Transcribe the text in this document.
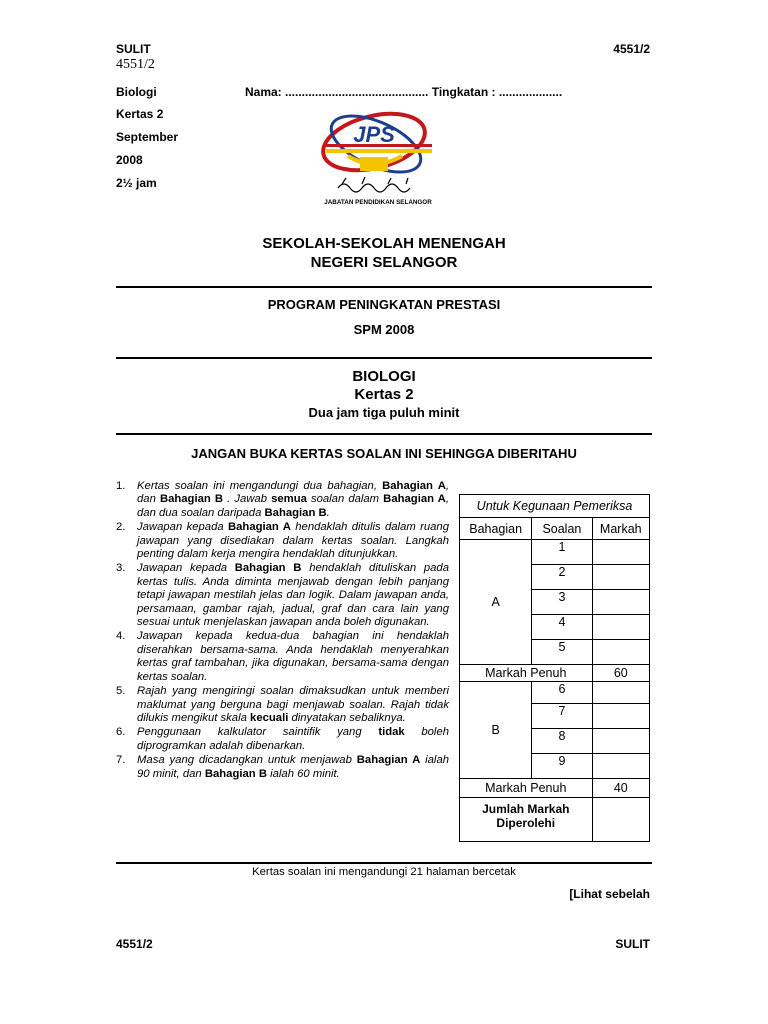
SULIT
4551/2
4551/2
Biologi
Kertas 2
September
2008
2½ jam
Nama: ........................................... Tingkatan : ...................
JPS
JABATAN PENDIDIKAN SELANGOR
SEKOLAH-SEKOLAH MENENGAH
NEGERI SELANGOR
PROGRAM PENINGKATAN PRESTASI
SPM 2008
BIOLOGI
Kertas 2
Dua jam tiga puluh minit
JANGAN BUKA KERTAS SOALAN INI SEHINGGA DIBERITAHU
1. Kertas soalan ini mengandungi dua bahagian, Bahagian A, dan Bahagian B . Jawab semua soalan dalam Bahagian A, dan dua soalan daripada Bahagian B.
2. Jawapan kepada Bahagian A hendaklah ditulis dalam ruang jawapan yang disediakan dalam kertas soalan. Langkah penting dalam kerja mengira hendaklah ditunjukkan.
3. Jawapan kepada Bahagian B hendaklah dituliskan pada kertas tulis. Anda diminta menjawab dengan lebih panjang tetapi jawapan mestilah jelas dan logik. Dalam jawapan anda, persamaan, gambar rajah, jadual, graf dan cara lain yang sesuai untuk menjelaskan jawapan anda boleh digunakan.
4. Jawapan kepada kedua-dua bahagian ini hendaklah diserahkan bersama-sama. Anda hendaklah menyerahkan kertas graf tambahan, jika digunakan, bersama-sama dengan kertas soalan.
5. Rajah yang mengiringi soalan dimaksudkan untuk memberi maklumat yang berguna bagi menjawab soalan. Rajah tidak dilukis mengikut skala kecuali dinyatakan sebaliknya.
6. Penggunaan kalkulator saintifik yang tidak boleh diprogramkan adalah dibenarkan.
7. Masa yang dicadangkan untuk menjawab Bahagian A ialah 90 minit, dan Bahagian B ialah 60 minit.
Untuk Kegunaan Pemeriksa		
Bahagian	Soalan	Markah
A	1	
	2	
	3	
	4	
	5	
Markah Penuh		60
B	6	
	7	
	8	
	9	
Markah Penuh		40
Jumlah Markah Diperolehi		
Kertas soalan ini mengandungi 21 halaman bercetak
[Lihat sebelah
4551/2	SULIT
